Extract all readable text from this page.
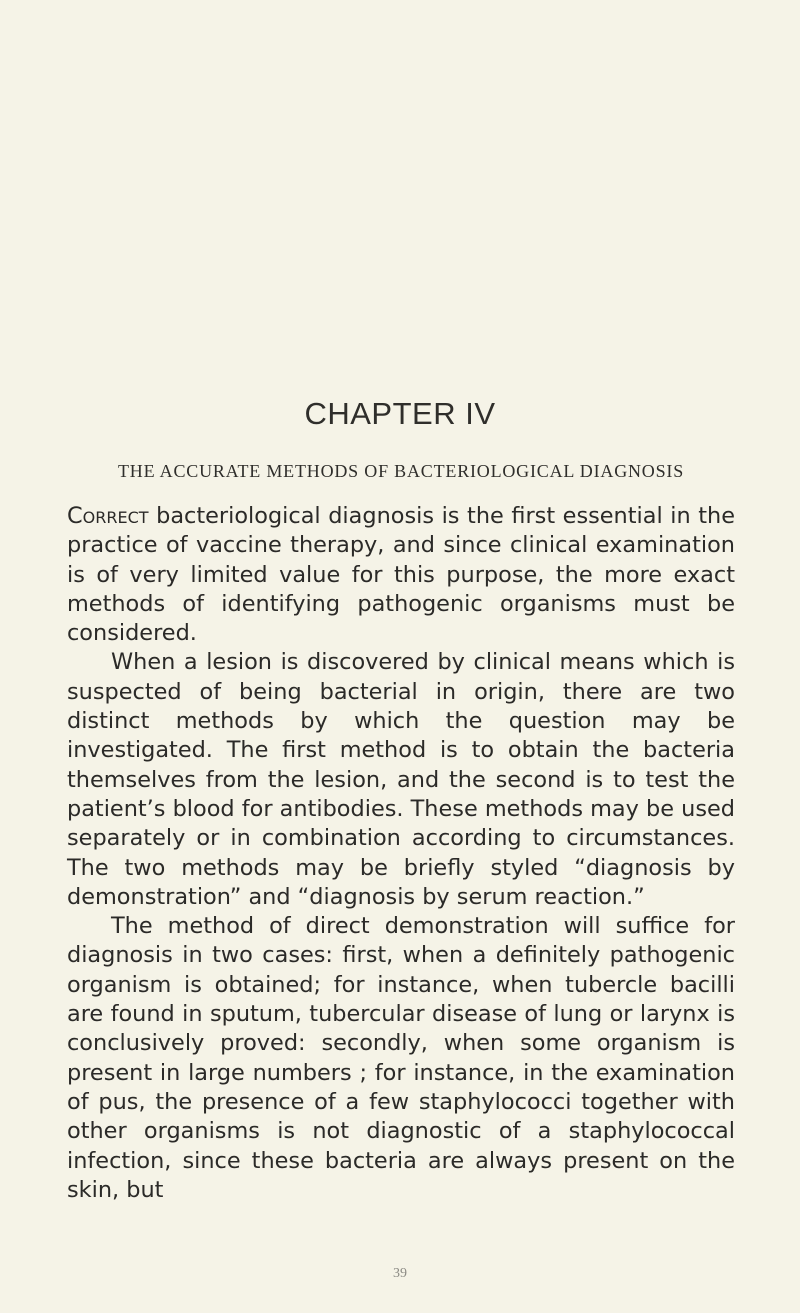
CHAPTER IV
THE ACCURATE METHODS OF BACTERIOLOGICAL DIAGNOSIS

Correct bacteriological diagnosis is the first essential in the practice of vaccine therapy, and since clinical examination is of very limited value for this purpose, the more exact methods of identifying pathogenic organisms must be considered.

When a lesion is discovered by clinical means which is suspected of being bacterial in origin, there are two distinct methods by which the question may be investigated. The first method is to obtain the bacteria themselves from the lesion, and the second is to test the patient’s blood for antibodies. These methods may be used separately or in combination according to circumstances. The two methods may be briefly styled “diagnosis by demonstration” and “diagnosis by serum reaction.”

The method of direct demonstration will suffice for diagnosis in two cases: first, when a definitely pathogenic organism is obtained; for instance, when tubercle bacilli are found in sputum, tubercular disease of lung or larynx is conclusively proved: secondly, when some organism is present in large numbers ; for instance, in the examination of pus, the presence of a few staphylococci together with other organisms is not diagnostic of a staphylococcal infection, since these bacteria are always present on the skin, but

39
